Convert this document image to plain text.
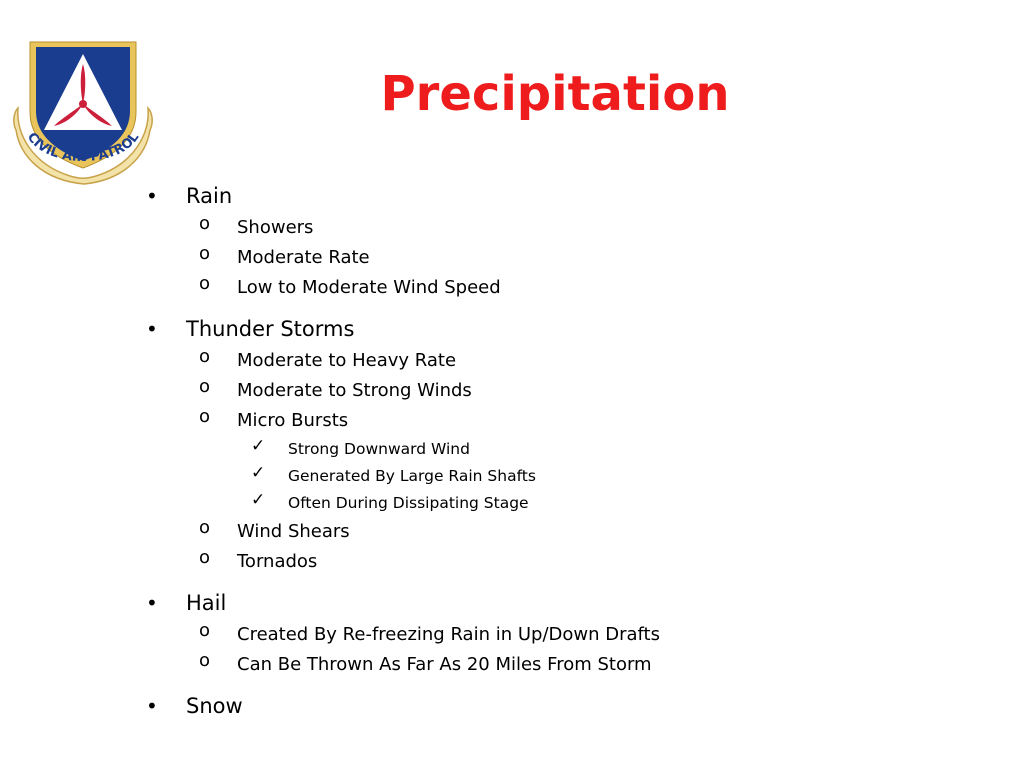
CIVIL AIR PATROL
Precipitation
• Rain
o Showers
o Moderate Rate
o Low to Moderate Wind Speed
• Thunder Storms
o Moderate to Heavy Rate
o Moderate to Strong Winds
o Micro Bursts
✓ Strong Downward Wind
✓ Generated By Large Rain Shafts
✓ Often During Dissipating Stage
o Wind Shears
o Tornados
• Hail
o Created By Re-freezing Rain in Up/Down Drafts
o Can Be Thrown As Far As 20 Miles From Storm
• Snow
